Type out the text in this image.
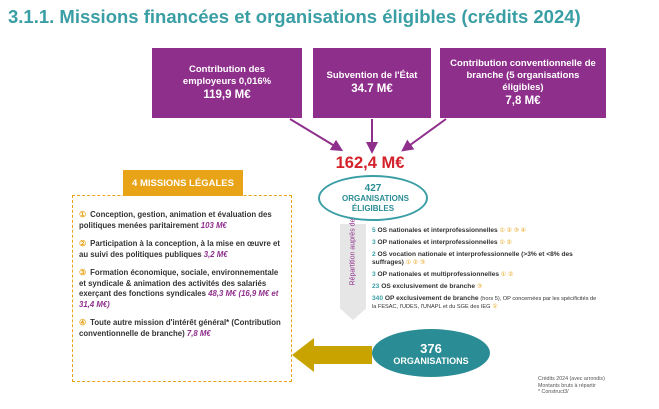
3.1.1. Missions financées et organisations éligibles (crédits 2024)
Contribution des employeurs 0,016%
119,9 M€
Subvention de l'État
34.7 M€
Contribution conventionnelle de branche (5 organisations éligibles)
7,8 M€
162,4 M€
427
ORGANISATIONS ÉLIGIBLES
① Conception, gestion, animation et évaluation des politiques menées paritairement 103 M€
② Participation à la conception, à la mise en œuvre et au suivi des politiques publiques 3,2 M€
③ Formation économique, sociale, environnementale et syndicale & animation des activités des salariés exerçant des fonctions syndicales 48,3 M€ (16,9 M€ et 31,4 M€)
④ Toute autre mission d'intérêt général* (Contribution conventionnelle de branche) 7,8 M€
4 MISSIONS LÉGALES
Répartition auprès de 5 OS nationales et interprofessionnelles ① ② ③ ④
3 OP nationales et interprofessionnelles ① ②
2 OS vocation nationale et interprofessionnelle (>3% et <8% des suffrages) ① ② ③
3 OP nationales et multiprofessionnelles ① ②
23 OS exclusivement de branche ③
340 OP exclusivement de branche (hors 5), OP concernées par les spécificités de la FESAC, l'UDES, l'UNAPL et du SGE des IEG ①
376
ORGANISATIONS
Crédits 2024 (avec arrondis)
Montants bruts à répartir
* Construct3/
